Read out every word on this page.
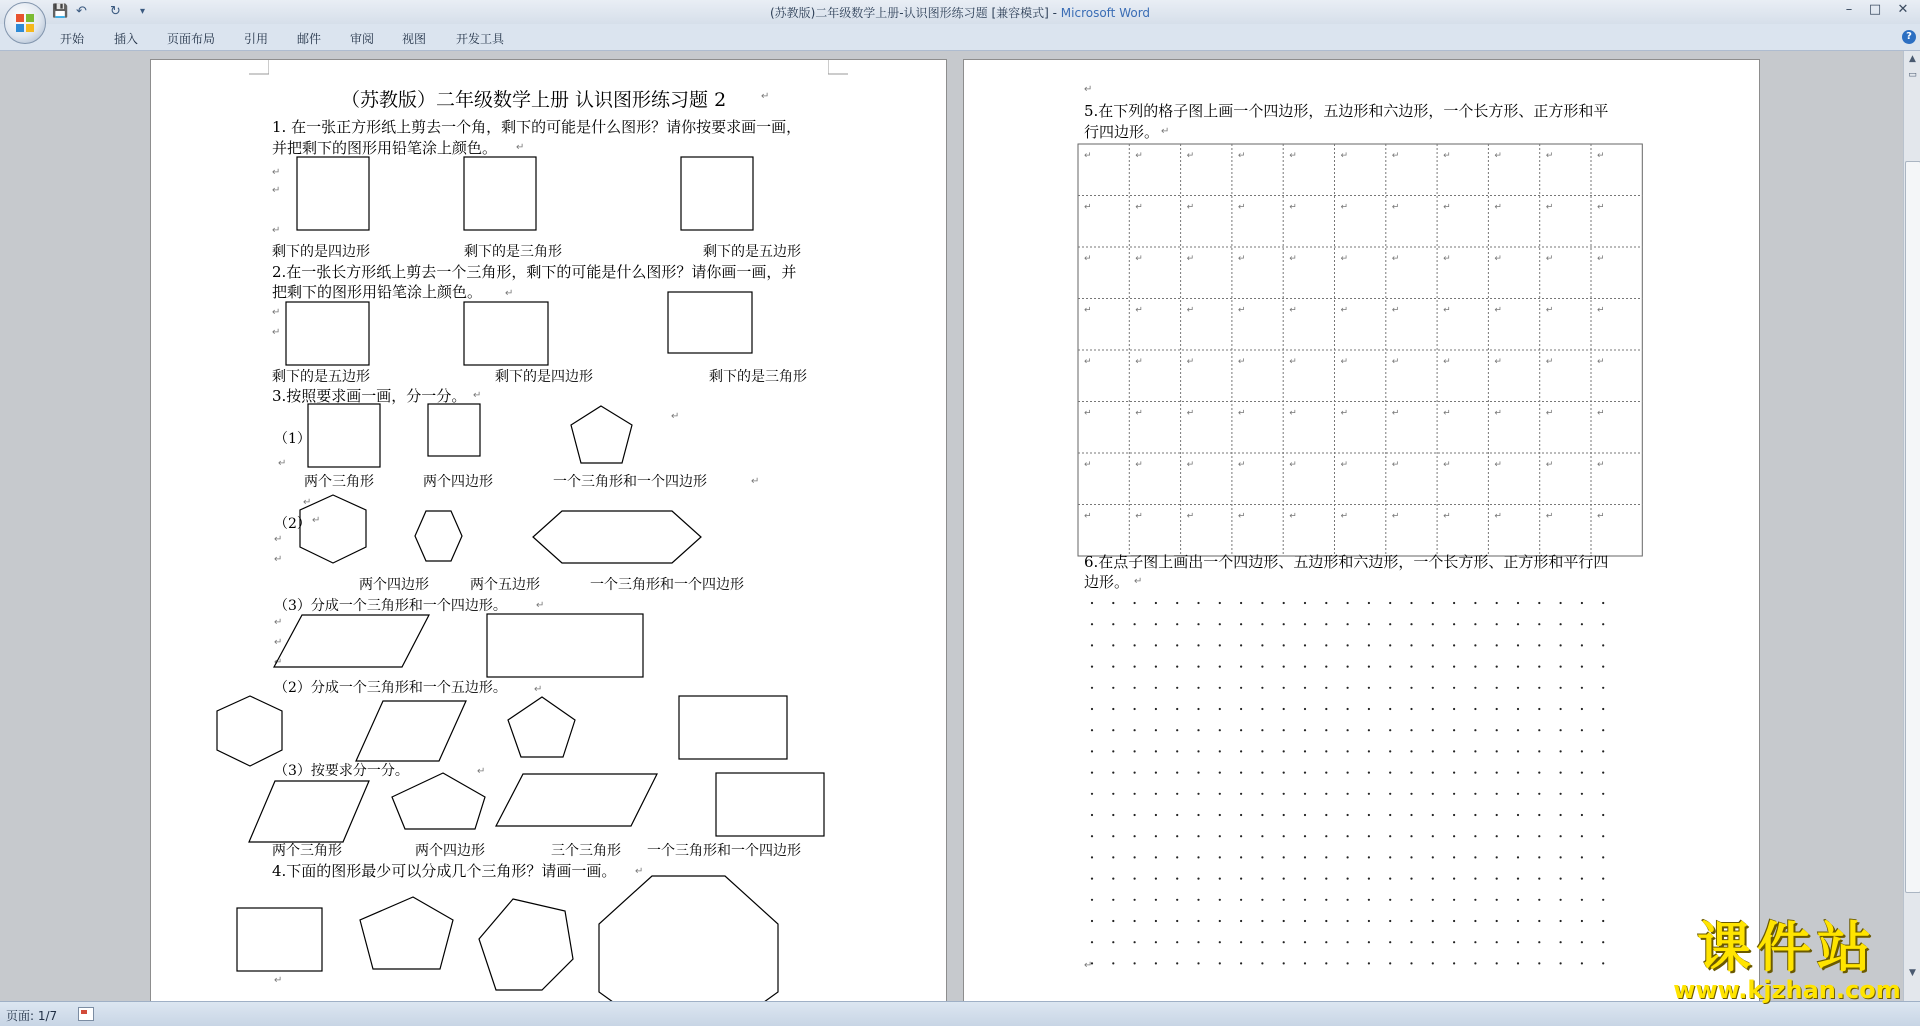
💾 ↶ ↻ ▾	(苏教版)二年级数学上册-认识图形练习题 [兼容模式] - Microsoft Word	–	□	✕
开始 插入 页面布局 引用 邮件 审阅 视图 开发工具	?
（苏教版）二年级数学上册 认识图形练习题 2	↵
1. 在一张正方形纸上剪去一个角，剩下的可能是什么图形？请你按要求画一画，
并把剩下的图形用铅笔涂上颜色。 ↵
↵
↵
↵
剩下的是四边形	剩下的是三角形	剩下的是五边形
2.在一张长方形纸上剪去一个三角形，剩下的可能是什么图形？请你画一画，并
把剩下的图形用铅笔涂上颜色。 ↵
↵
↵
剩下的是五边形	剩下的是四边形	剩下的是三角形
3.按照要求画一画，分一分。 ↵
（1）
↵
↵
两个三角形	两个四边形	一个三角形和一个四边形	↵
↵
（2） ↵
↵
↵
两个四边形	两个五边形	一个三角形和一个四边形
（3）分成一个三角形和一个四边形。	↵
↵
↵
↵
（2）分成一个三角形和一个五边形。	↵
（3）按要求分一分。	↵
两个三角形	两个四边形	三个三角形 一个三角形和一个四边形
4.下面的图形最少可以分成几个三角形？请画一画。 ↵
↵
↵
5.在下列的格子图上画一个四边形，五边形和六边形，一个长方形、正方形和平
行四边形。 ↵
↵	↵	↵	↵	↵	↵	↵	↵	↵	↵	↵
↵	↵	↵	↵	↵	↵	↵	↵	↵	↵	↵
↵	↵	↵	↵	↵	↵	↵	↵	↵	↵	↵
↵	↵	↵	↵	↵	↵	↵	↵	↵	↵	↵
↵	↵	↵	↵	↵	↵	↵	↵	↵	↵	↵
↵	↵	↵	↵	↵	↵	↵	↵	↵	↵	↵
↵	↵	↵	↵	↵	↵	↵	↵	↵	↵	↵
↵	↵	↵	↵	↵	↵	↵	↵	↵	↵	↵
6.在点子图上画出一个四边形、五边形和六边形，一个长方形、正方形和平行四
边形。 ↵
↵
▲
▭
▼
页面: 1/7
课件站
www.kjzhan.com
